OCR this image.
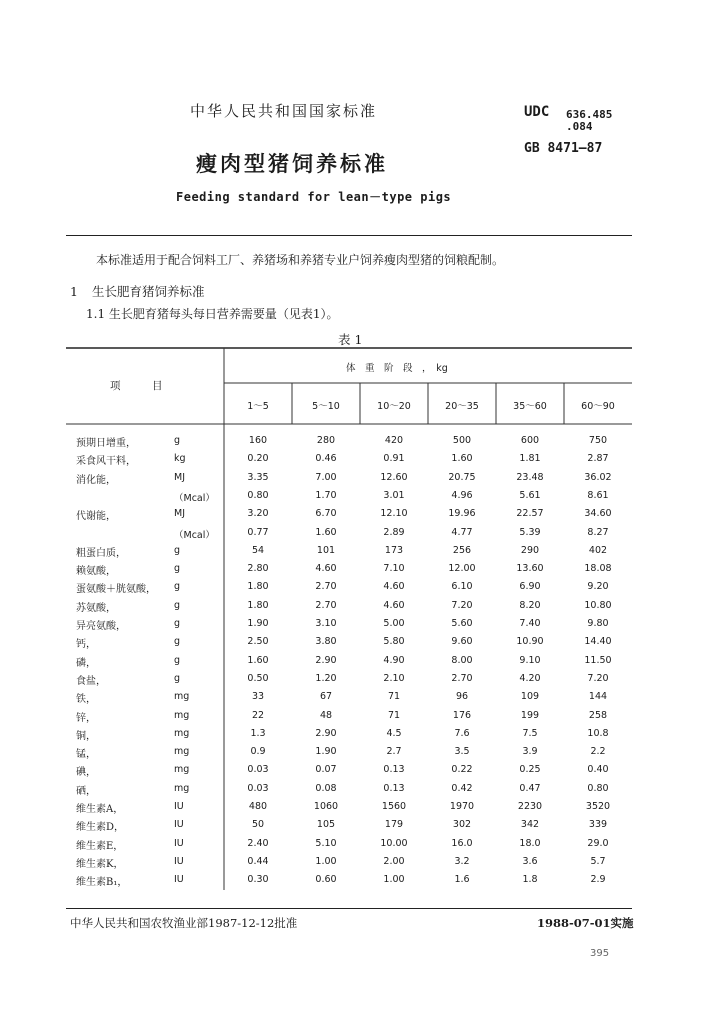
中华人民共和国国家标准	UDC 636.485
.084
GB 8471—87
瘦肉型猪饲养标准
Feeding standard for lean－type pigs
本标准适用于配合饲料工厂、养猪场和养猪专业户饲养瘦肉型猪的饲粮配制。
1 生长肥育猪饲养标准
1.1 生长肥育猪每头每日营养需要量（见表1）。
表 1
项　　　目
体　重　阶　段　，　kg
1～5	5～10	10～20	20～35	35～60	60～90
预期日增重，	g	160	280	420	500	600	750
采食风干料，	kg	0.20	0.46	0.91	1.60	1.81	2.87
消化能，	MJ	3.35	7.00	12.60	20.75	23.48	36.02
（Mcal）	0.80	1.70	3.01	4.96	5.61	8.61
代谢能，	MJ	3.20	6.70	12.10	19.96	22.57	34.60
（Mcal）	0.77	1.60	2.89	4.77	5.39	8.27
粗蛋白质，	g	54	101	173	256	290	402
赖氨酸，	g	2.80	4.60	7.10	12.00	13.60	18.08
蛋氨酸＋胱氨酸， g	1.80	2.70	4.60	6.10	6.90	9.20
苏氨酸，	g	1.80	2.70	4.60	7.20	8.20	10.80
异亮氨酸，	g	1.90	3.10	5.00	5.60	7.40	9.80
钙，	g	2.50	3.80	5.80	9.60	10.90	14.40
磷，	g	1.60	2.90	4.90	8.00	9.10	11.50
食盐，	g	0.50	1.20	2.10	2.70	4.20	7.20
铁，	mg	33	67	71	96	109	144
锌，	mg	22	48	71	176	199	258
铜，	mg	1.3	2.90	4.5	7.6	7.5	10.8
锰，	mg	0.9	1.90	2.7	3.5	3.9	2.2
碘，	mg	0.03	0.07	0.13	0.22	0.25	0.40
硒，	mg	0.03	0.08	0.13	0.42	0.47	0.80
维生素A，	IU	480	1060	1560	1970	2230	3520
维生素D，	IU	50	105	179	302	342	339
维生素E，	IU	2.40	5.10	10.00	16.0	18.0	29.0
维生素K，	IU	0.44	1.00	2.00	3.2	3.6	5.7
维生素B₁，	IU	0.30	0.60	1.00	1.6	1.8	2.9
中华人民共和国农牧渔业部1987-12-12批准	1988-07-01实施
395
